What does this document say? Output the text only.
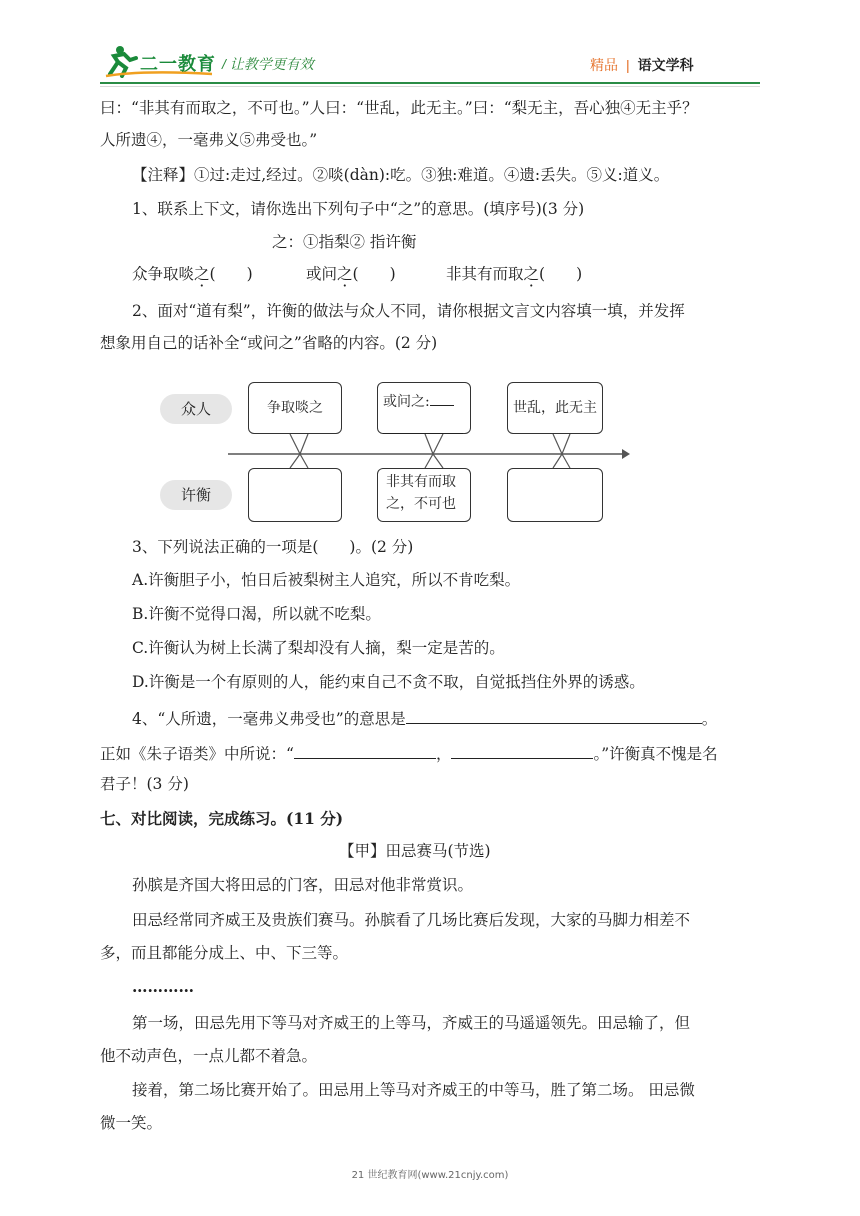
二一教育 / 让教学更有效	精品 | 语文学科
曰：“非其有而取之，不可也。”人曰：“世乱，此无主。”曰：“梨无主，吾心独④无主乎？
人所遗④，一毫弗义⑤弗受也。”
【注释】①过:走过,经过。②啖(dàn):吃。③独:难道。④遗:丢失。⑤义:道义。
1、联系上下文，请你选出下列句子中“之”的意思。(填序号)(3 分)
之：①指梨② 指许衡
众争取啖之(　　)	或问之(　　)	非其有而取之(　　)
2、面对“道有梨”，许衡的做法与众人不同，请你根据文言文内容填一填，并发挥
想象用自己的话补全“或问之”省略的内容。(2 分)
众人
许衡
争取啖之	或问之:	世乱，此无主
非其有而取
之，不可也
3、下列说法正确的一项是(　　)。(2 分)
A.许衡胆子小，怕日后被梨树主人追究，所以不肯吃梨。
B.许衡不觉得口渴，所以就不吃梨。
C.许衡认为树上长满了梨却没有人摘，梨一定是苦的。
D.许衡是一个有原则的人，能约束自己不贪不取，自觉抵挡住外界的诱惑。
4、“人所遗，一毫弗义弗受也”的意思是	。
正如《朱子语类》中所说：“	，	。”许衡真不愧是名
君子！(3 分)
七、对比阅读，完成练习。(11 分)
【甲】田忌赛马(节选)
孙膑是齐国大将田忌的门客，田忌对他非常赏识。
田忌经常同齐威王及贵族们赛马。孙膑看了几场比赛后发现，大家的马脚力相差不
多，而且都能分成上、中、下三等。
…………
第一场，田忌先用下等马对齐威王的上等马，齐威王的马遥遥领先。田忌输了，但
他不动声色，一点儿都不着急。
接着，第二场比赛开始了。田忌用上等马对齐威王的中等马，胜了第二场。 田忌微
微一笑。
21 世纪教育网(www.21cnjy.com)
